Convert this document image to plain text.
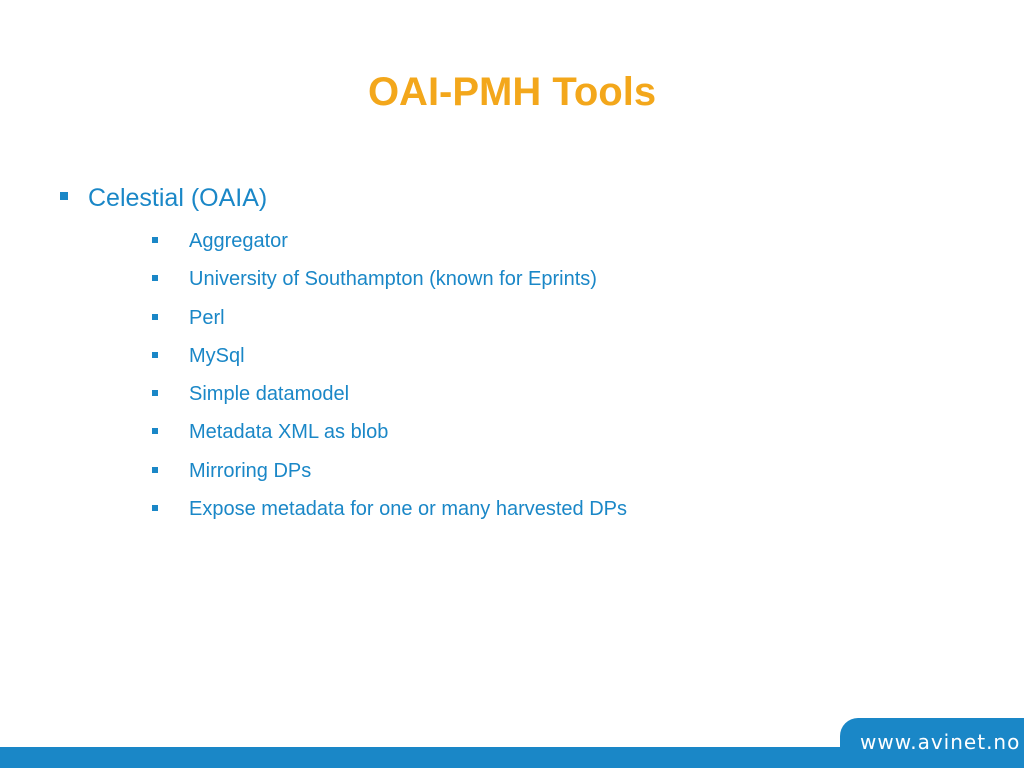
OAI-PMH Tools
Celestial (OAIA)
Aggregator
University of Southampton (known for Eprints)
Perl
MySql
Simple datamodel
Metadata XML as blob
Mirroring DPs
Expose metadata for one or many harvested DPs
www.avinet.no
